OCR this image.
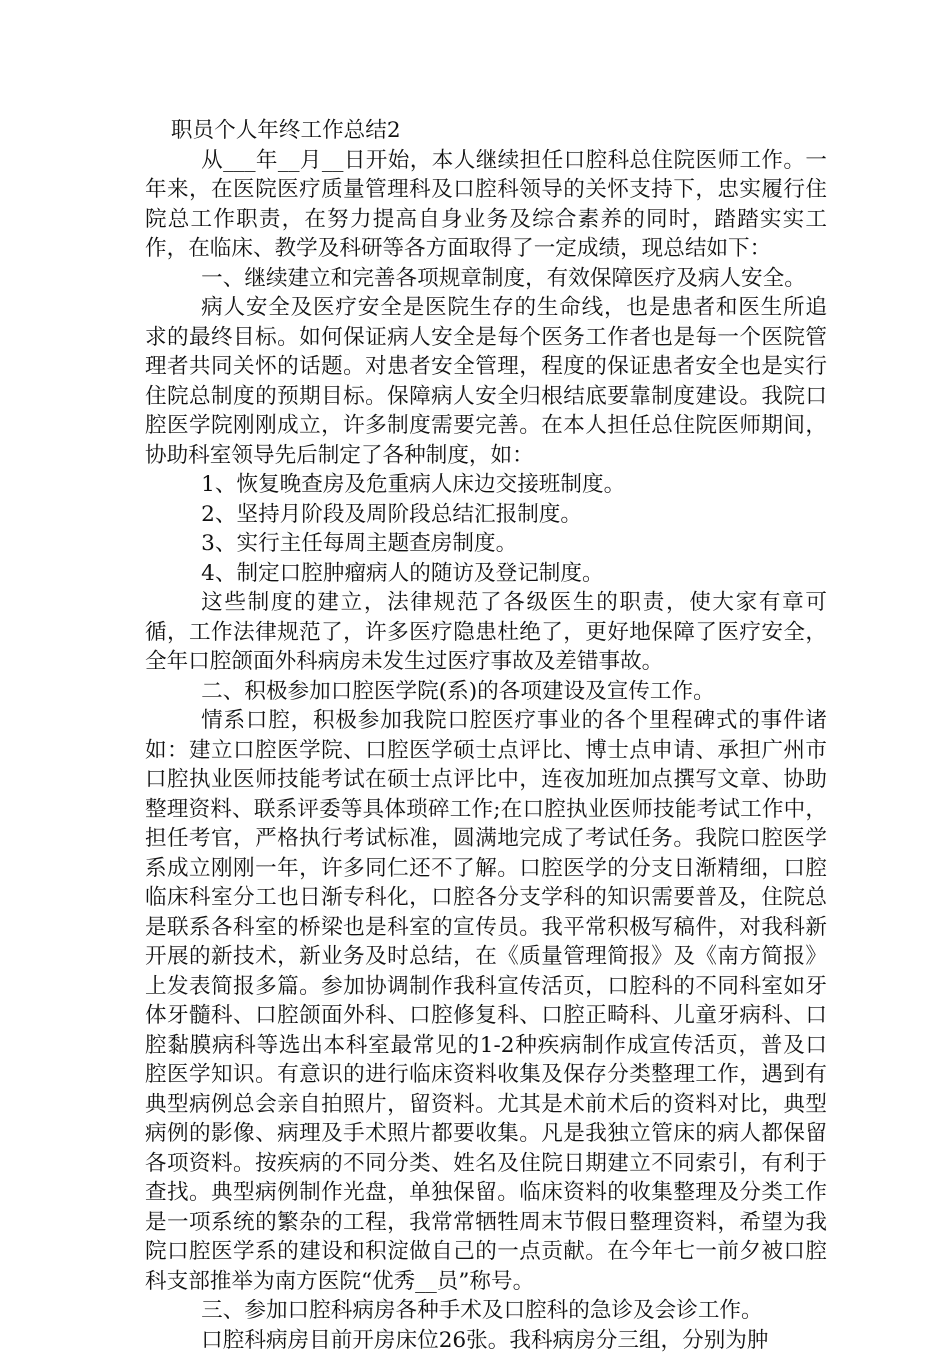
职员个人年终工作总结2

从___年__月__日开始，本人继续担任口腔科总住院医师工作。一年来，在医院医疗质量管理科及口腔科领导的关怀支持下，忠实履行住院总工作职责，在努力提高自身业务及综合素养的同时，踏踏实实工作，在临床、教学及科研等各方面取得了一定成绩，现总结如下：

一、继续建立和完善各项规章制度，有效保障医疗及病人安全。

病人安全及医疗安全是医院生存的生命线，也是患者和医生所追求的最终目标。如何保证病人安全是每个医务工作者也是每一个医院管理者共同关怀的话题。对患者安全管理，程度的保证患者安全也是实行住院总制度的预期目标。保障病人安全归根结底要靠制度建设。我院口腔医学院刚刚成立，许多制度需要完善。在本人担任总住院医师期间，协助科室领导先后制定了各种制度，如：

1、恢复晚查房及危重病人床边交接班制度。

2、坚持月阶段及周阶段总结汇报制度。

3、实行主任每周主题查房制度。

4、制定口腔肿瘤病人的随访及登记制度。

这些制度的建立，法律规范了各级医生的职责，使大家有章可循，工作法律规范了，许多医疗隐患杜绝了，更好地保障了医疗安全，全年口腔颌面外科病房未发生过医疗事故及差错事故。

二、积极参加口腔医学院(系)的各项建设及宣传工作。

情系口腔，积极参加我院口腔医疗事业的各个里程碑式的事件诸如：建立口腔医学院、口腔医学硕士点评比、博士点申请、承担广州市口腔执业医师技能考试在硕士点评比中，连夜加班加点撰写文章、协助整理资料、联系评委等具体琐碎工作;在口腔执业医师技能考试工作中，担任考官，严格执行考试标准，圆满地完成了考试任务。我院口腔医学系成立刚刚一年，许多同仁还不了解。口腔医学的分支日渐精细，口腔临床科室分工也日渐专科化，口腔各分支学科的知识需要普及，住院总是联系各科室的桥梁也是科室的宣传员。我平常积极写稿件，对我科新开展的新技术，新业务及时总结，在《质量管理简报》及《南方简报》上发表简报多篇。参加协调制作我科宣传活页，口腔科的不同科室如牙体牙髓科、口腔颌面外科、口腔修复科、口腔正畸科、儿童牙病科、口腔黏膜病科等选出本科室最常见的1-2种疾病制作成宣传活页，普及口腔医学知识。有意识的进行临床资料收集及保存分类整理工作，遇到有典型病例总会亲自拍照片，留资料。尤其是术前术后的资料对比，典型病例的影像、病理及手术照片都要收集。凡是我独立管床的病人都保留各项资料。按疾病的不同分类、姓名及住院日期建立不同索引，有利于查找。典型病例制作光盘，单独保留。临床资料的收集整理及分类工作是一项系统的繁杂的工程，我常常牺牲周末节假日整理资料，希望为我院口腔医学系的建设和积淀做自己的一点贡献。在今年七一前夕被口腔科支部推举为南方医院“优秀__员”称号。

三、参加口腔科病房各种手术及口腔科的急诊及会诊工作。

口腔科病房目前开房床位26张。我科病房分三组，分别为肿
